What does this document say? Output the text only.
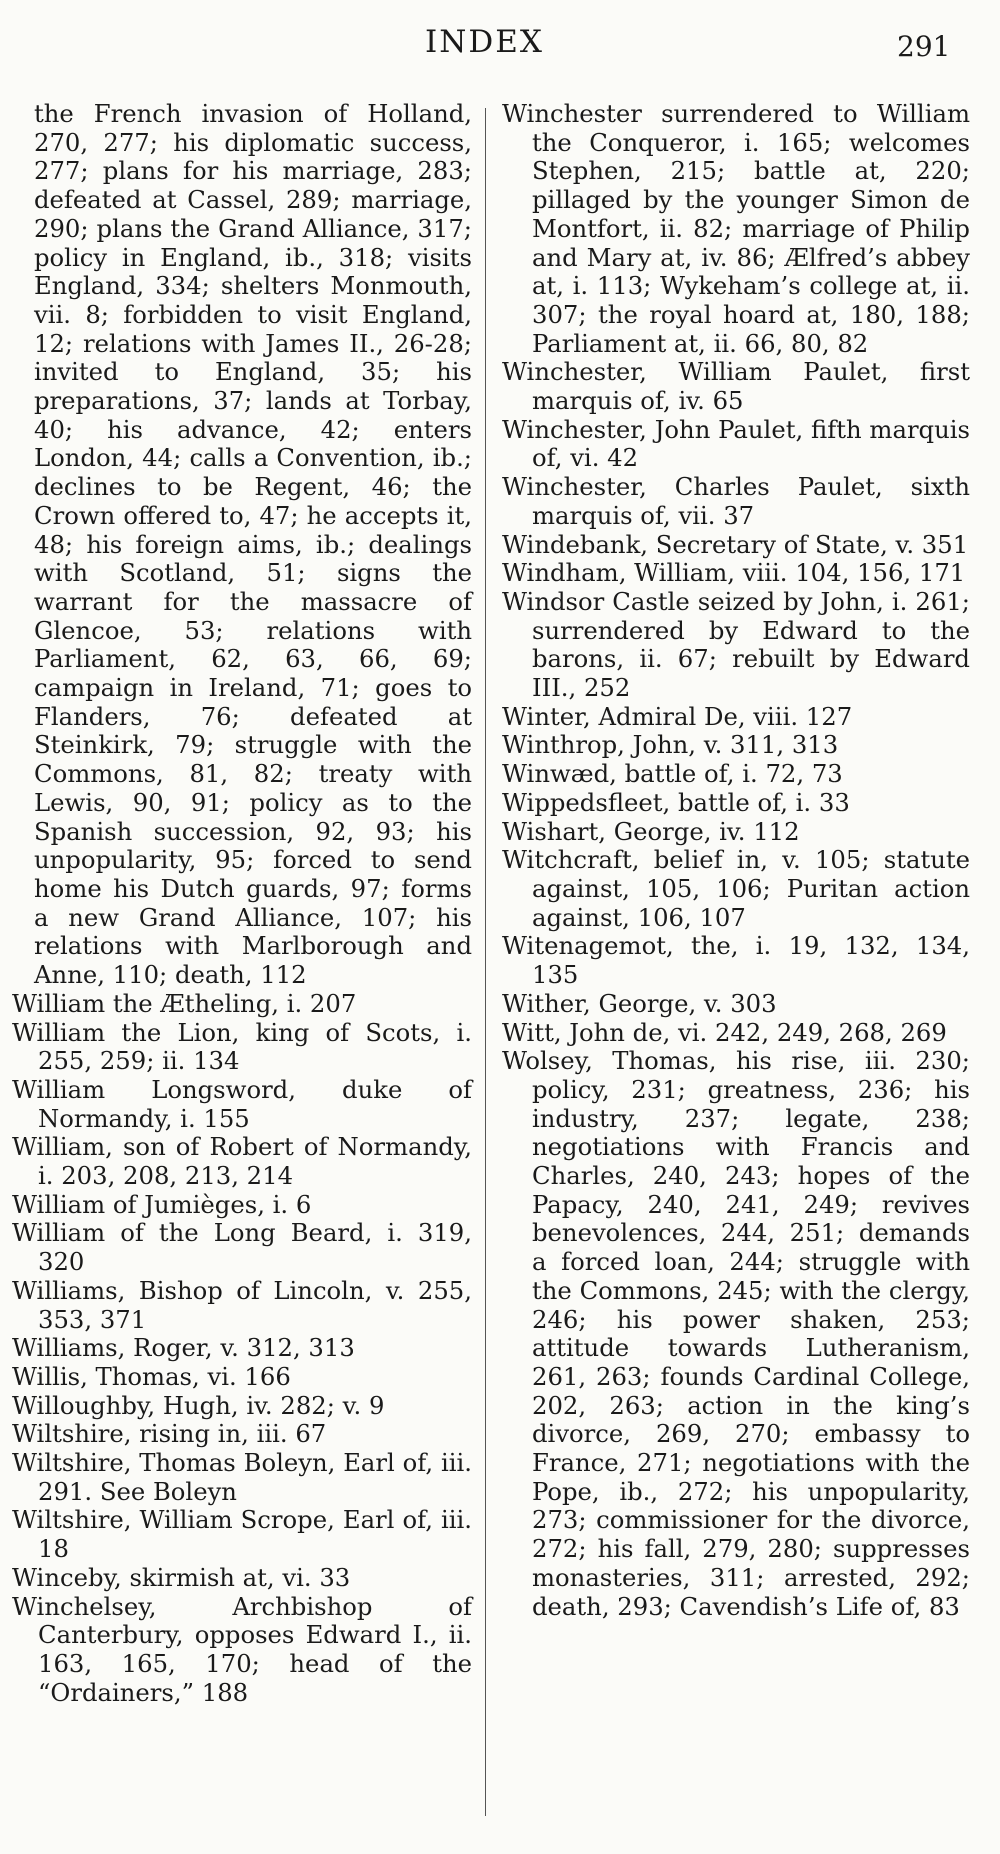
INDEX	291

the French invasion of Holland, 270, 277; his diplomatic success, 277; plans for his marriage, 283; defeated at Cassel, 289; marriage, 290; plans the Grand Alliance, 317; policy in England, ib., 318; visits England, 334; shelters Monmouth, vii. 8; forbidden to visit England, 12; relations with James II., 26-28; invited to England, 35; his preparations, 37; lands at Torbay, 40; his advance, 42; enters London, 44; calls a Convention, ib.; declines to be Regent, 46; the Crown offered to, 47; he accepts it, 48; his foreign aims, ib.; dealings with Scotland, 51; signs the warrant for the massacre of Glencoe, 53; relations with Parliament, 62, 63, 66, 69; campaign in Ireland, 71; goes to Flanders, 76; defeated at Steinkirk, 79; struggle with the Commons, 81, 82; treaty with Lewis, 90, 91; policy as to the Spanish succession, 92, 93; his unpopularity, 95; forced to send home his Dutch guards, 97; forms a new Grand Alliance, 107; his relations with Marlborough and Anne, 110; death, 112

William the Ætheling, i. 207

William the Lion, king of Scots, i. 255, 259; ii. 134

William Longsword, duke of Normandy, i. 155

William, son of Robert of Normandy, i. 203, 208, 213, 214

William of Jumièges, i. 6

William of the Long Beard, i. 319, 320

Williams, Bishop of Lincoln, v. 255, 353, 371

Williams, Roger, v. 312, 313

Willis, Thomas, vi. 166

Willoughby, Hugh, iv. 282; v. 9

Wiltshire, rising in, iii. 67

Wiltshire, Thomas Boleyn, Earl of, iii. 291. See Boleyn

Wiltshire, William Scrope, Earl of, iii. 18

Winceby, skirmish at, vi. 33

Winchelsey, Archbishop of Canterbury, opposes Edward I., ii. 163, 165, 170; head of the “Ordainers,” 188

Winchester surrendered to William the Conqueror, i. 165; welcomes Stephen, 215; battle at, 220; pillaged by the younger Simon de Montfort, ii. 82; marriage of Philip and Mary at, iv. 86; Ælfred’s abbey at, i. 113; Wykeham’s college at, ii. 307; the royal hoard at, 180, 188; Parliament at, ii. 66, 80, 82

Winchester, William Paulet, first marquis of, iv. 65

Winchester, John Paulet, fifth marquis of, vi. 42

Winchester, Charles Paulet, sixth marquis of, vii. 37

Windebank, Secretary of State, v. 351

Windham, William, viii. 104, 156, 171

Windsor Castle seized by John, i. 261; surrendered by Edward to the barons, ii. 67; rebuilt by Edward III., 252

Winter, Admiral De, viii. 127

Winthrop, John, v. 311, 313

Winwæd, battle of, i. 72, 73

Wippedsfleet, battle of, i. 33

Wishart, George, iv. 112

Witchcraft, belief in, v. 105; statute against, 105, 106; Puritan action against, 106, 107

Witenagemot, the, i. 19, 132, 134, 135

Wither, George, v. 303

Witt, John de, vi. 242, 249, 268, 269

Wolsey, Thomas, his rise, iii. 230; policy, 231; greatness, 236; his industry, 237; legate, 238; negotiations with Francis and Charles, 240, 243; hopes of the Papacy, 240, 241, 249; revives benevolences, 244, 251; demands a forced loan, 244; struggle with the Commons, 245; with the clergy, 246; his power shaken, 253; attitude towards Lutheranism, 261, 263; founds Cardinal College, 202, 263; action in the king’s divorce, 269, 270; embassy to France, 271; negotiations with the Pope, ib., 272; his unpopularity, 273; commissioner for the divorce, 272; his fall, 279, 280; suppresses monasteries, 311; arrested, 292; death, 293; Cavendish’s Life of, 83
